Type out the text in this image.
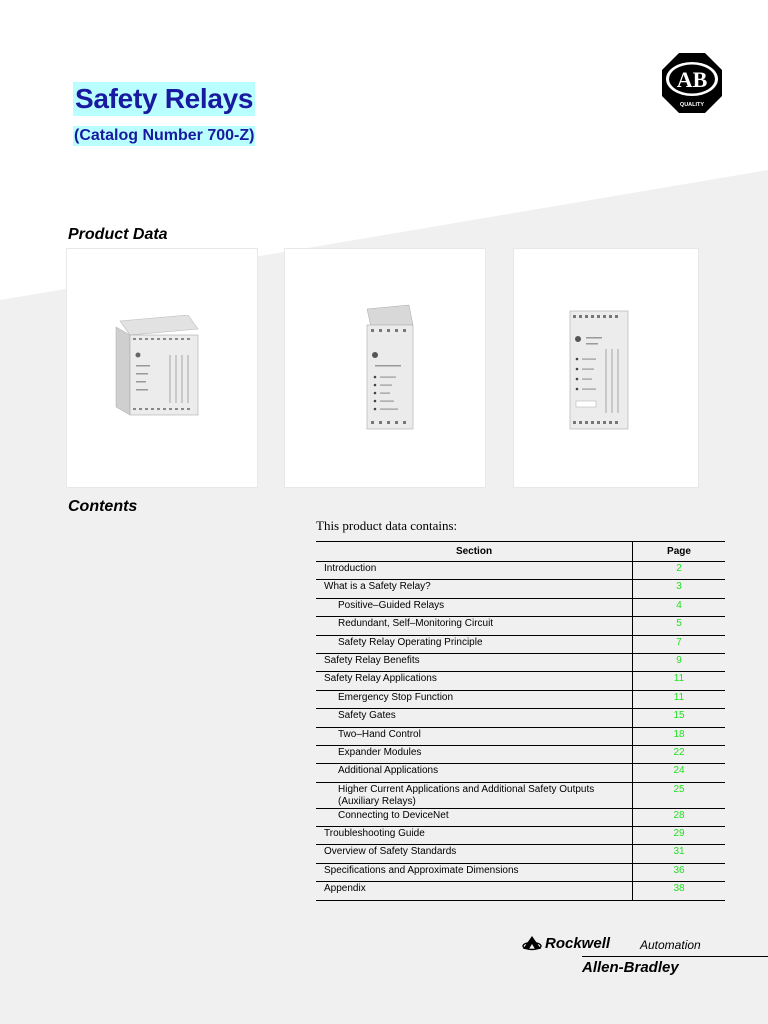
Safety Relays

(Catalog Number 700-Z)

AB
QUALITY
Product Data
Contents

This product data contains:

Section	Page

Introduction	2

What is a Safety Relay?	3

Positive–Guided Relays	4

Redundant, Self–Monitoring Circuit	5

Safety Relay Operating Principle	7

Safety Relay Benefits	9

Safety Relay Applications	11

Emergency Stop Function	11

Safety Gates	15

Two–Hand Control	18

Expander Modules	22

Additional Applications	24

Higher Current Applications and Additional Safety Outputs (Auxiliary Relays)	25

Connecting to DeviceNet	28

Troubleshooting Guide	29

Overview of Safety Standards	31

Specifications and Approximate Dimensions	36

Appendix	38
Rockwell Automation
Allen-Bradley
